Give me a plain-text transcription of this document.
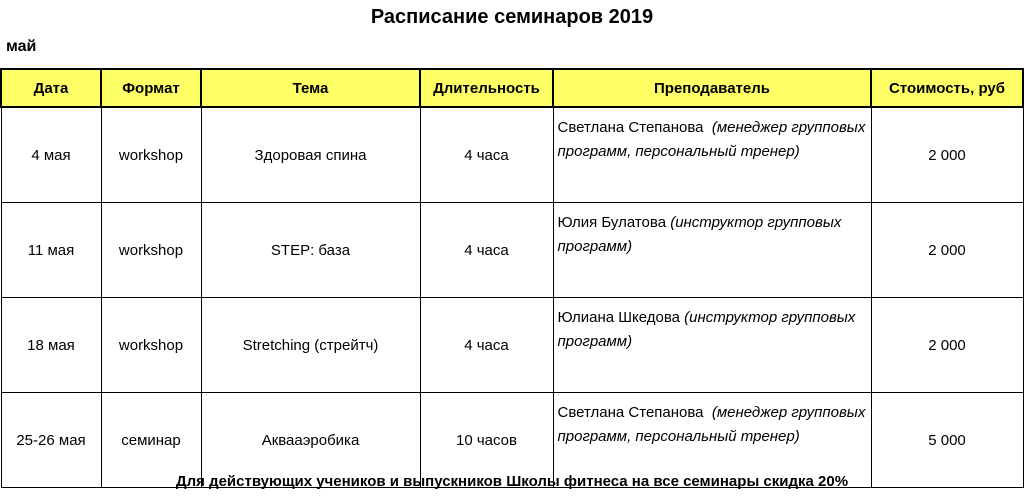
Расписание семинаров 2019
май
Дата	Формат	Тема	Длительность	Преподаватель	Стоимость, руб
4 мая	workshop	Здоровая спина	4 часа	Светлана Степанова (менеджер групповых программ, персональный тренер)	2 000
11 мая	workshop	STEP: база	4 часа	Юлия Булатова (инструктор групповых программ)	2 000
18 мая	workshop	Stretching (стрейтч)	4 часа	Юлиана Шкедова (инструктор групповых программ)	2 000
25-26 мая	семинар	Аквааэробика	10 часов	Светлана Степанова (менеджер групповых программ, персональный тренер)	5 000
Для действующих учеников и выпускников Школы фитнеса на все семинары скидка 20%
